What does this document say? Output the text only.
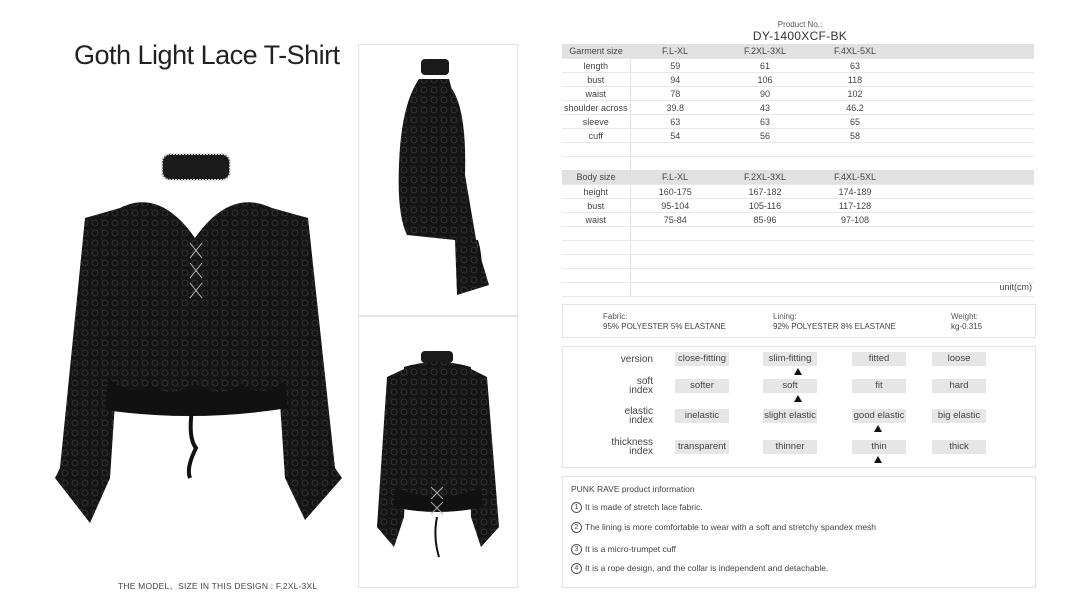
Goth Light Lace T-Shirt
THE MODEL、SIZE IN THIS DESIGN : F.2XL-3XL
Product No.:
DY-1400XCF-BK
Garment size	F.L-XL	F.2XL-3XL	F.4XL-5XL	
length	59	61	63	
bust	94	106	118	
waist	78	90	102	
shoulder across	39.8	43	46.2	
sleeve	63	63	65	
cuff	54	56	58	

Body size	F.L-XL	F.2XL-3XL	F.4XL-5XL	
height	160-175	167-182	174-189	
bust	95-104	105-116	117-128	
waist	75-84	85-96	97-108	

unit(cm)
Fabric:
95% POLYESTER 5% ELASTANE
Lining:
92% POLYESTER 8% ELASTANE
Weight:
kg-0.315
version	close-fitting	slim-fitting	fitted	loose
soft
index	softer	soft	fit	hard
elastic
index	inelastic	slight elastic	good elastic	big elastic
thickness
index	transparent	thinner	thin	thick
PUNK RAVE product information
1 It is made of stretch lace fabric.
2 The lining is more comfortable to wear with a soft and stretchy spandex mesh
3 It is a micro-trumpet cuff
4 It is a rope design, and the collar is independent and detachable.
